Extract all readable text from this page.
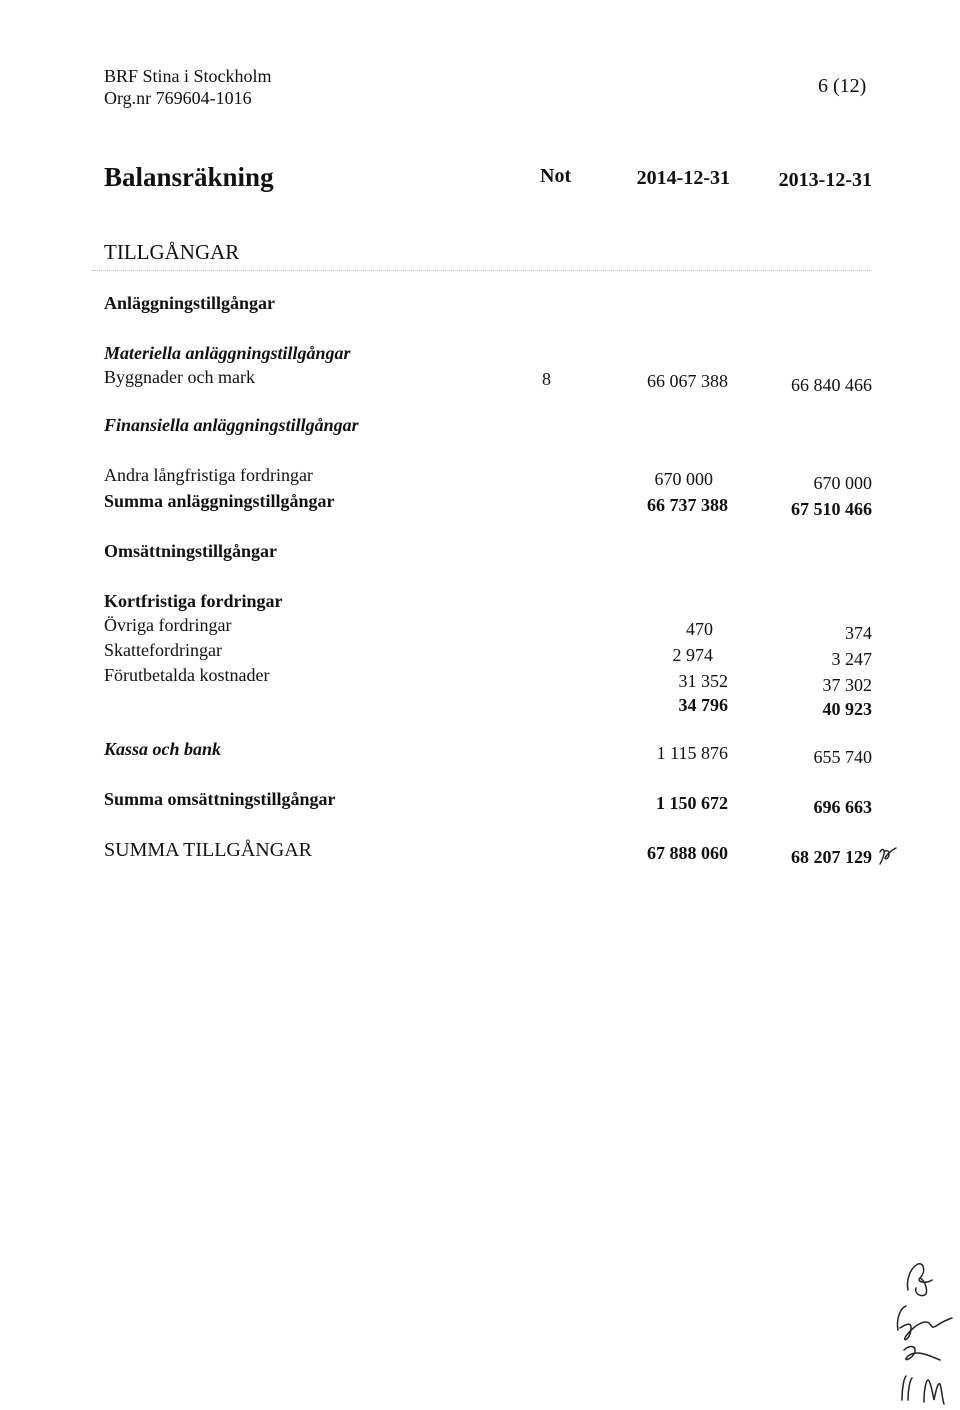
BRF Stina i Stockholm
Org.nr 769604-1016
6 (12)
Balansräkning	Not	2014-12-31	2013-12-31
TILLGÅNGAR
Anläggningstillgångar
Materiella anläggningstillgångar
Byggnader och mark	8	66 067 388	66 840 466
Finansiella anläggningstillgångar
Andra långfristiga fordringar	670 000	670 000
Summa anläggningstillgångar	66 737 388	67 510 466
Omsättningstillgångar
Kortfristiga fordringar
Övriga fordringar	470	374
Skattefordringar	2 974	3 247
Förutbetalda kostnader	31 352	37 302
34 796	40 923
Kassa och bank	1 115 876	655 740
Summa omsättningstillgångar	1 150 672	696 663
SUMMA TILLGÅNGAR	67 888 060	68 207 129
